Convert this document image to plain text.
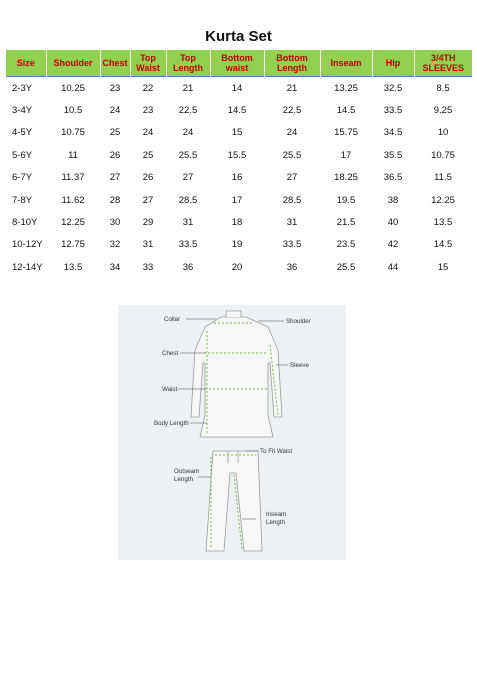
Kurta Set
Size	Shoulder	Chest	Top Waist	Top Length	Bottom waist	Bottom Length	Inseam	Hip	3/4TH SLEEVES
2-3Y	10.25	23	22	21	14	21	13.25	32.5	8.5
3-4Y	10.5	24	23	22.5	14.5	22.5	14.5	33.5	9.25
4-5Y	10.75	25	24	24	15	24	15.75	34.5	10
5-6Y	11	26	25	25.5	15.5	25.5	17	35.5	10.75
6-7Y	11.37	27	26	27	16	27	18.25	36.5	11.5
7-8Y	11.62	28	27	28.5	17	28.5	19.5	38	12.25
8-10Y	12.25	30	29	31	18	31	21.5	40	13.5
10-12Y	12.75	32	31	33.5	19	33.5	23.5	42	14.5
12-14Y	13.5	34	33	36	20	36	25.5	44	15
Collar	Shoulder
Chest
Sleeve
Waist
Body Length
To Fit Waist
Outseam
Length
Inseam
Length
